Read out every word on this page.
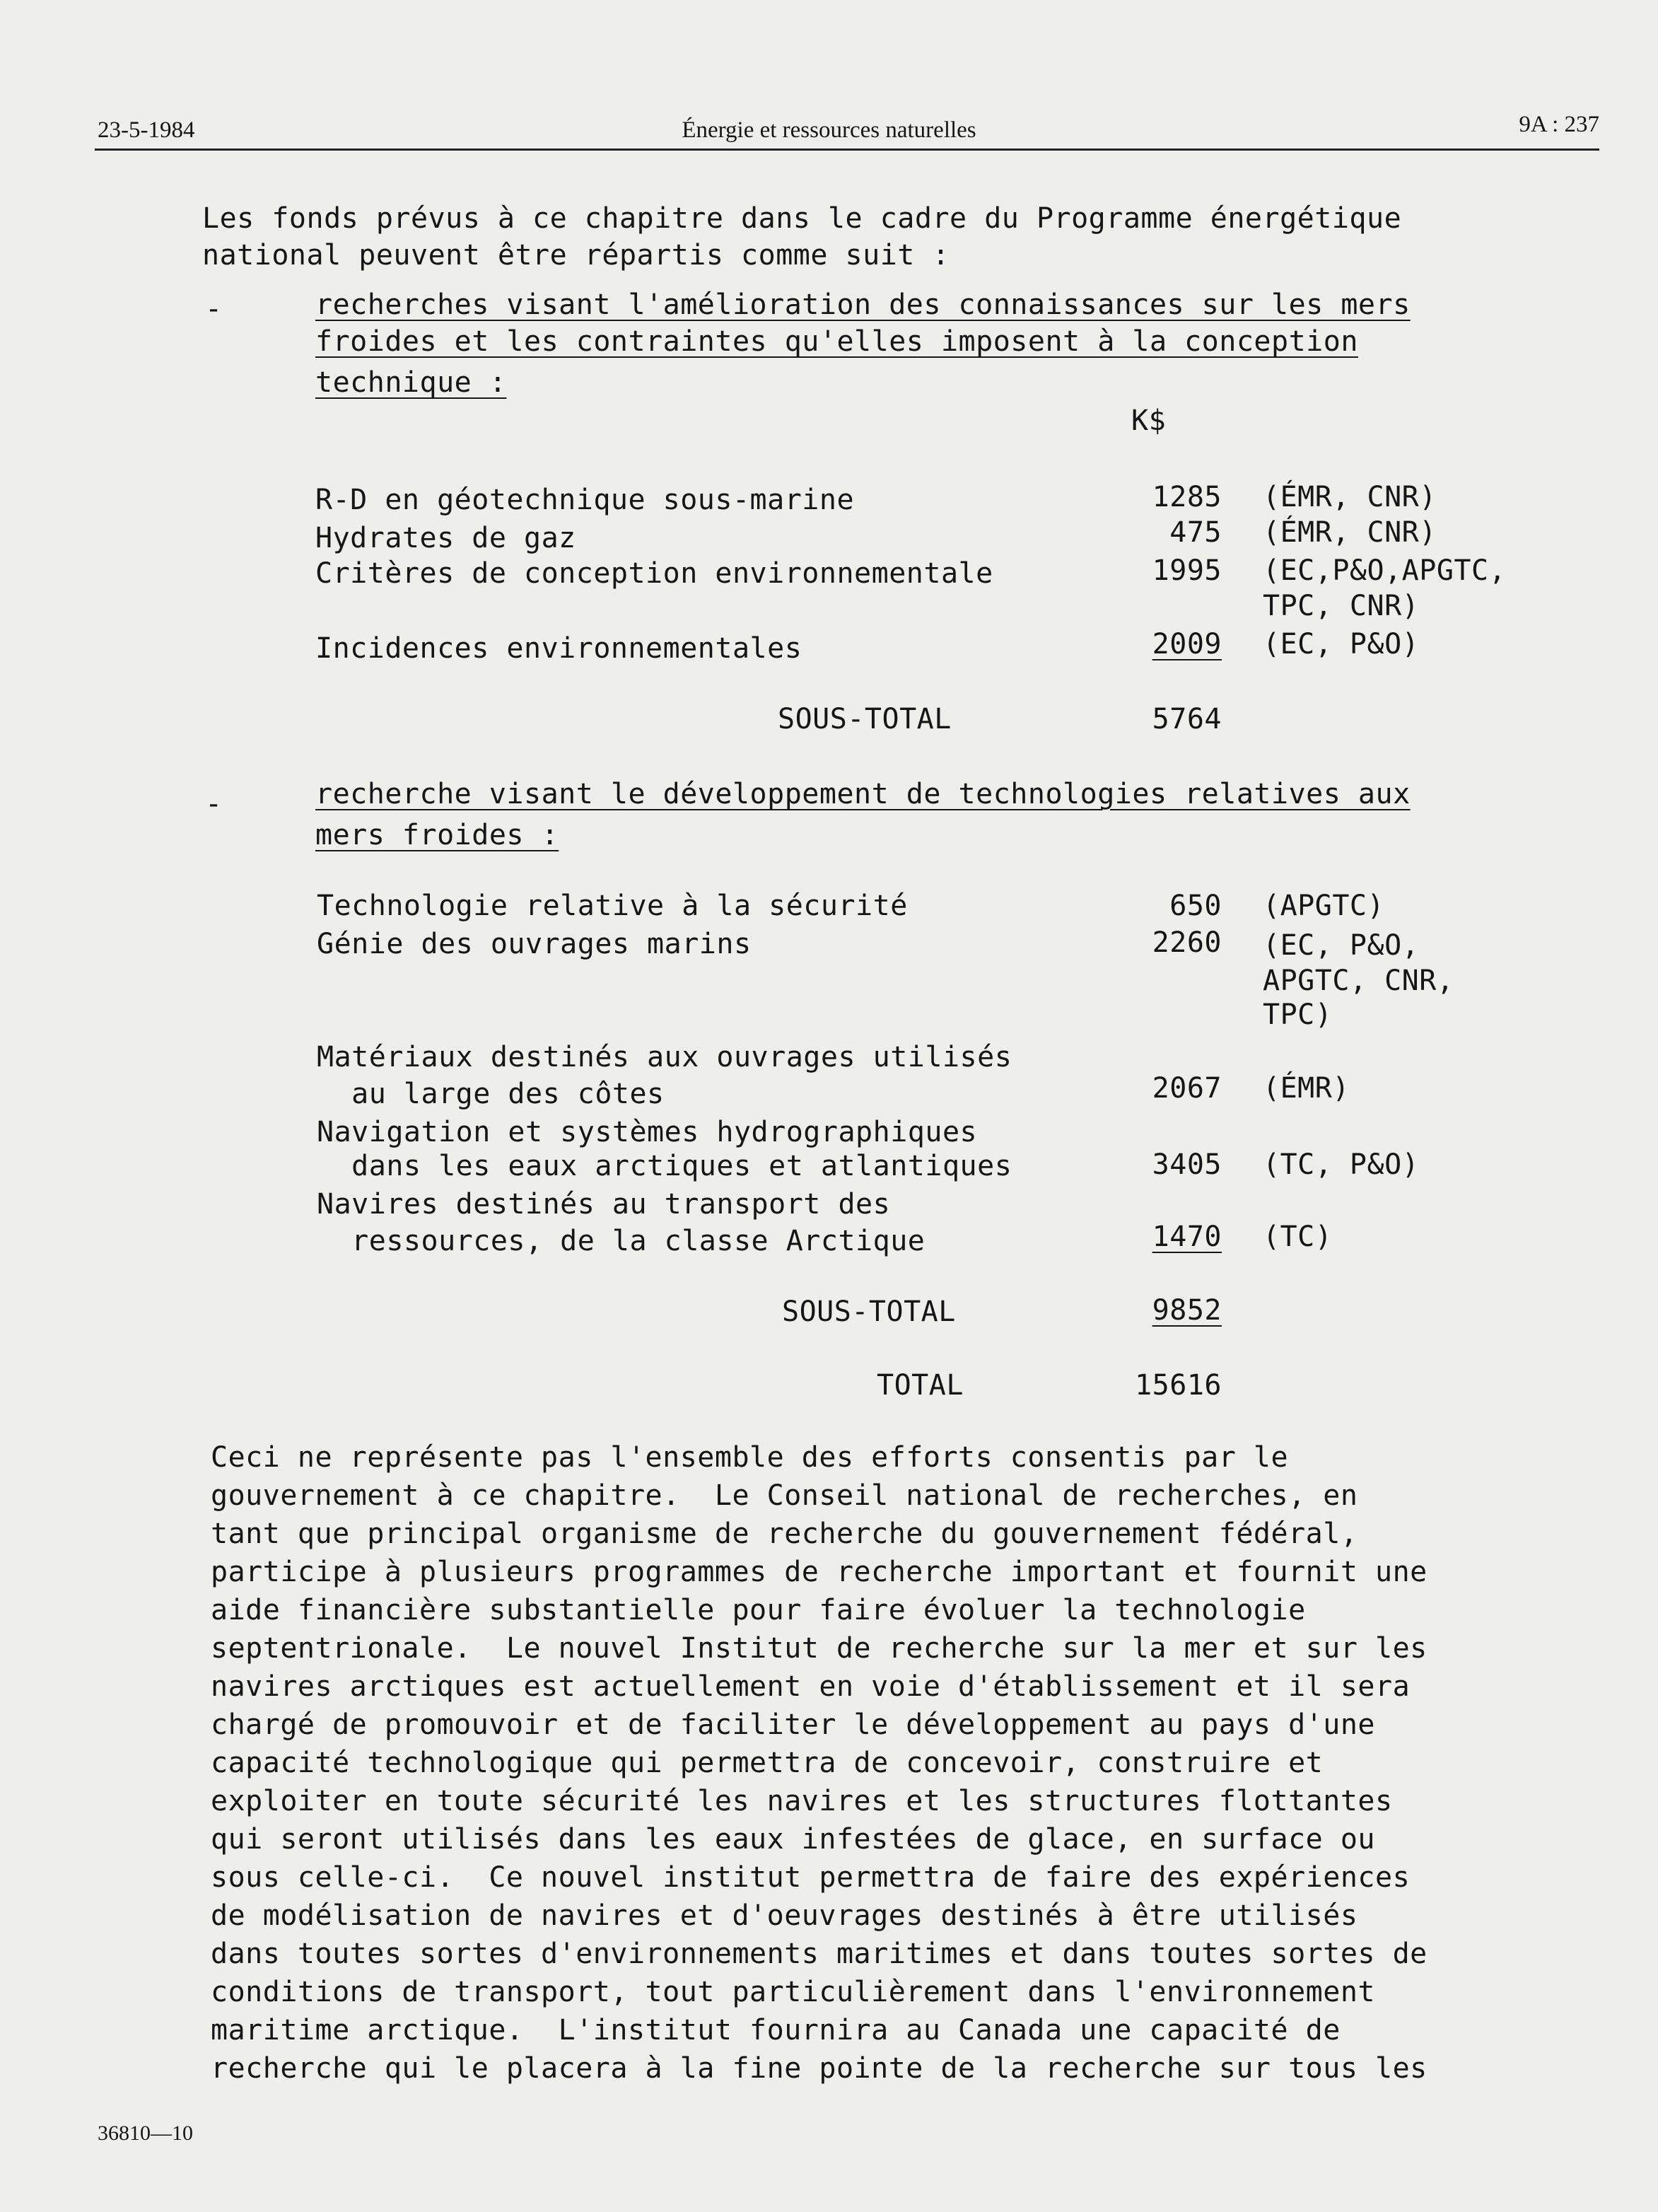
23-5-1984	Énergie et ressources naturelles	9A : 237
Les fonds prévus à ce chapitre dans le cadre du Programme énergétique
national peuvent être répartis comme suit :
-	recherches visant l'amélioration des connaissances sur les mers
froides et les contraintes qu'elles imposent à la conception
technique :
K$
R-D en géotechnique sous-marine	1285 (ÉMR, CNR)
Hydrates de gaz	475 (ÉMR, CNR)
Critères de conception environnementale	1995 (EC,P&O,APGTC,
TPC, CNR)
Incidences environnementales	2009 (EC, P&O)
SOUS-TOTAL	5764
-	recherche visant le développement de technologies relatives aux
mers froides :
Technologie relative à la sécurité	650 (APGTC)
Génie des ouvrages marins	2260 (EC, P&O,
APGTC, CNR,
TPC)
Matériaux destinés aux ouvrages utilisés
au large des côtes	2067 (ÉMR)
Navigation et systèmes hydrographiques
dans les eaux arctiques et atlantiques	3405 (TC, P&O)
Navires destinés au transport des
ressources, de la classe Arctique	1470 (TC)
SOUS-TOTAL	9852
TOTAL	15616
Ceci ne représente pas l'ensemble des efforts consentis par le
gouvernement à ce chapitre.  Le Conseil national de recherches, en
tant que principal organisme de recherche du gouvernement fédéral,
participe à plusieurs programmes de recherche important et fournit une
aide financière substantielle pour faire évoluer la technologie
septentrionale.  Le nouvel Institut de recherche sur la mer et sur les
navires arctiques est actuellement en voie d'établissement et il sera
chargé de promouvoir et de faciliter le développement au pays d'une
capacité technologique qui permettra de concevoir, construire et
exploiter en toute sécurité les navires et les structures flottantes
qui seront utilisés dans les eaux infestées de glace, en surface ou
sous celle-ci.  Ce nouvel institut permettra de faire des expériences
de modélisation de navires et d'oeuvrages destinés à être utilisés
dans toutes sortes d'environnements maritimes et dans toutes sortes de
conditions de transport, tout particulièrement dans l'environnement
maritime arctique.  L'institut fournira au Canada une capacité de
recherche qui le placera à la fine pointe de la recherche sur tous les
36810—10
